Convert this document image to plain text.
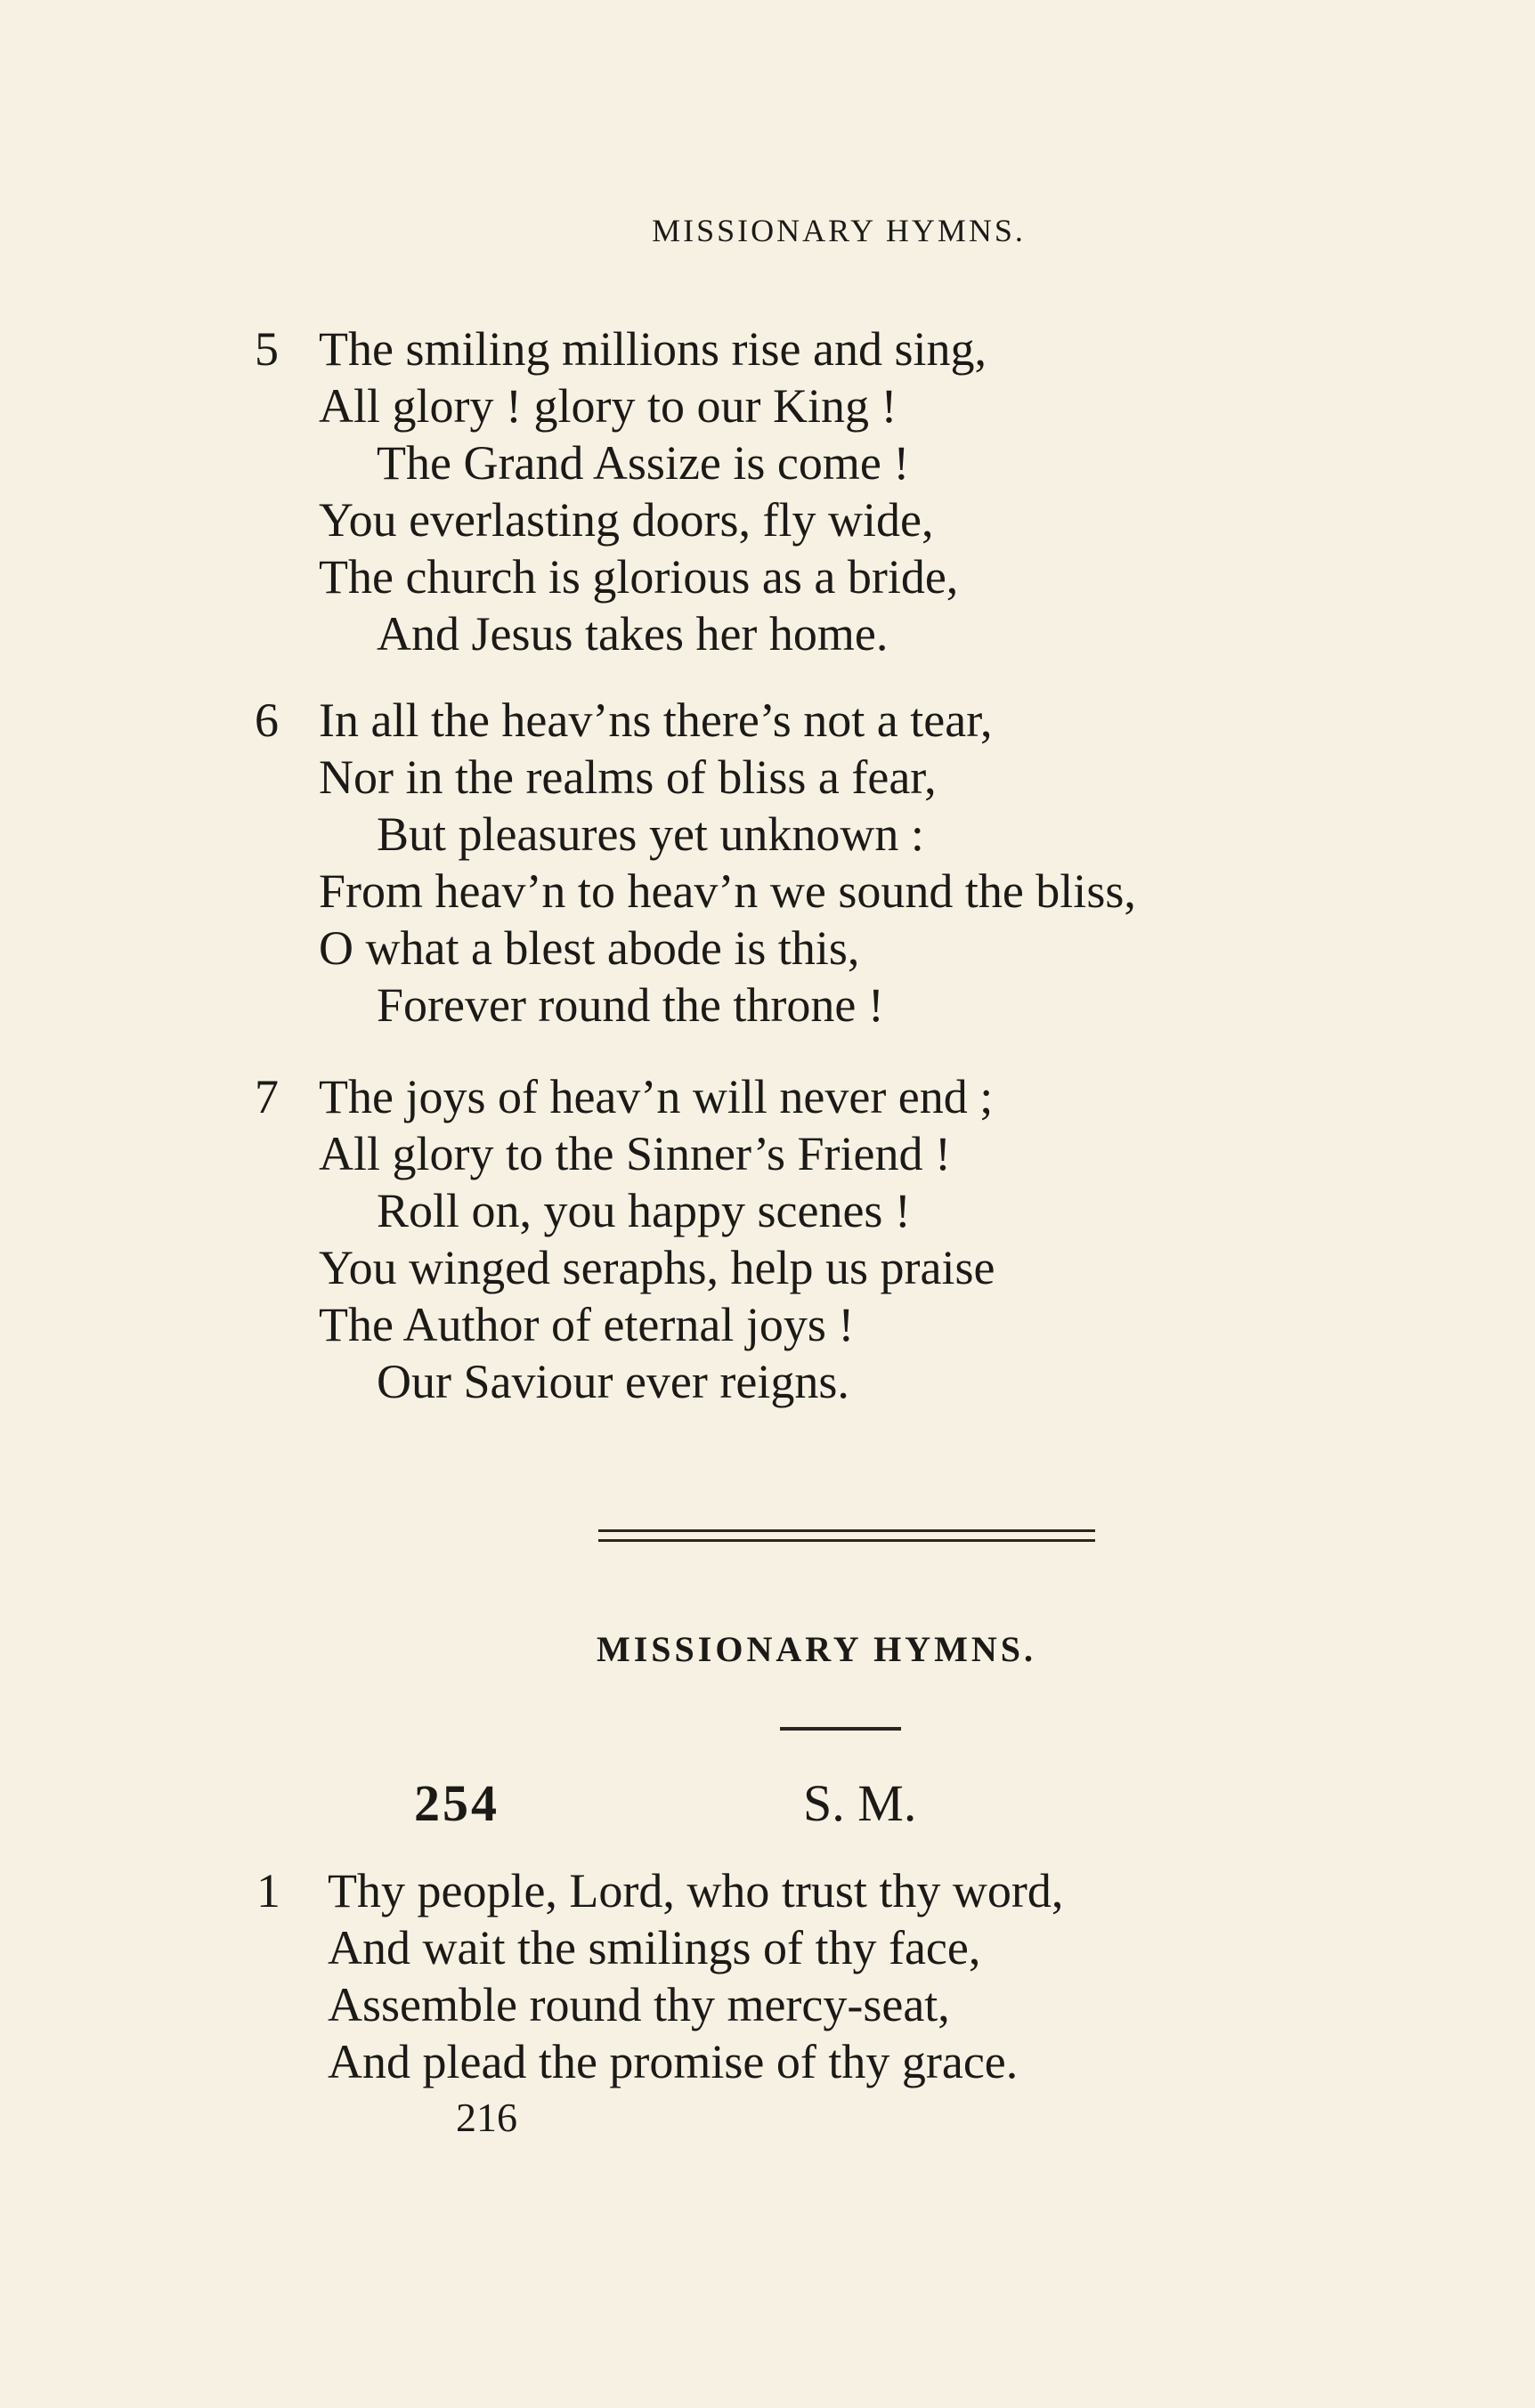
MISSIONARY HYMNS.
5 The smiling millions rise and sing,
All glory ! glory to our King !
The Grand Assize is come !
You everlasting doors, fly wide,
The church is glorious as a bride,
And Jesus takes her home.
6 In all the heav’ns there’s not a tear,
Nor in the realms of bliss a fear,
But pleasures yet unknown :
From heav’n to heav’n we sound the bliss,
O what a blest abode is this,
Forever round the throne !
7 The joys of heav’n will never end ;
All glory to the Sinner’s Friend !
Roll on, you happy scenes !
You winged seraphs, help us praise
The Author of eternal joys !
Our Saviour ever reigns.
MISSIONARY HYMNS.
254	S. M.
1 Thy people, Lord, who trust thy word,
And wait the smilings of thy face,
Assemble round thy mercy-seat,
And plead the promise of thy grace.
216
